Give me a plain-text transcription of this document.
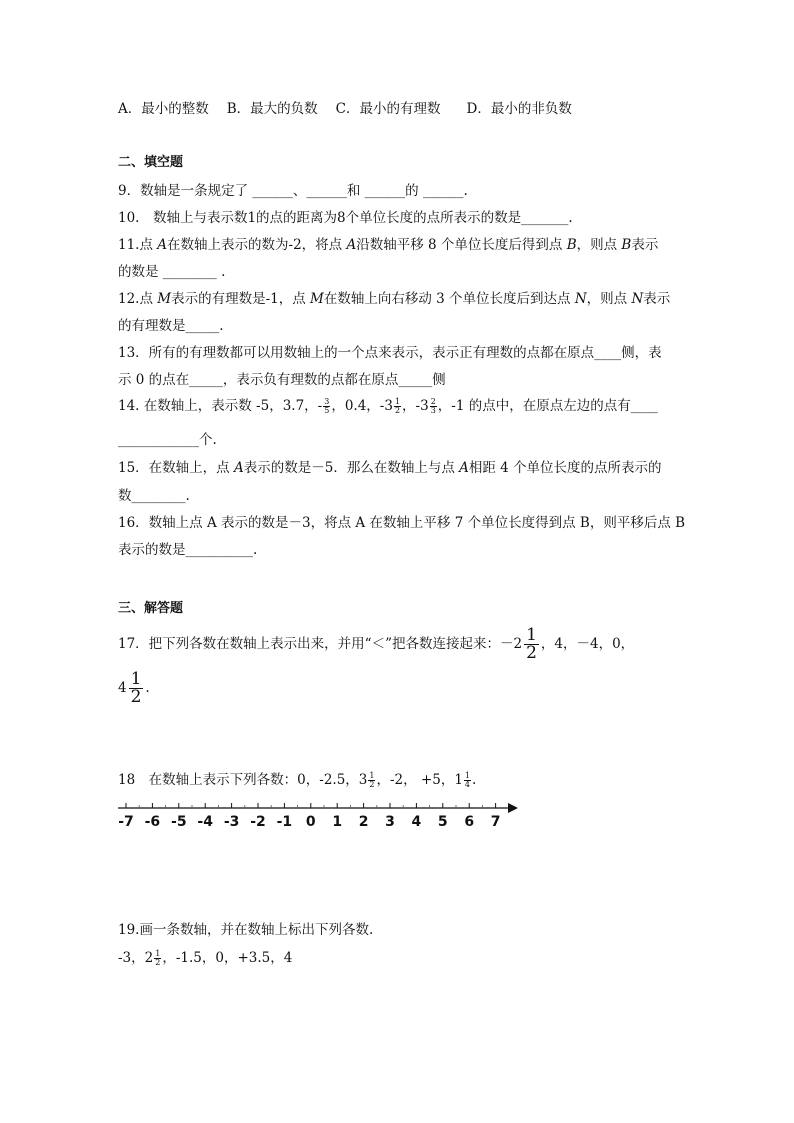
A．最小的整数 B．最大的负数 C．最小的有理数 D．最小的非负数
二、填空题
9．数轴是一条规定了 ______、______和 ______的 ______.
10.　数轴上与表示数1的点的距离为8个单位长度的点所表示的数是_______.
11.点 A在数轴上表示的数为-2，将点 A沿数轴平移 8 个单位长度后得到点 B，则点 B表示
的数是 ________ .
12.点 M表示的有理数是-1，点 M在数轴上向右移动 3 个单位长度后到达点 N，则点 N表示
的有理数是_____.
13．所有的有理数都可以用数轴上的一个点来表示，表示正有理数的点都在原点____侧，表
示 0 的点在_____，表示负有理数的点都在原点_____侧
14. 在数轴上，表示数 -5，3.7，- $\frac{3}{5}$ ，0.4，$-3 \frac{1}{2}$ ，$-3 \frac{2}{3}$ ，-1 的点中，在原点左边的点有____
____________个.
15．在数轴上，点 A表示的数是－5．那么在数轴上与点 A相距 4 个单位长度的点所表示的
数________.
16．数轴上点 A 表示的数是－3，将点 A 在数轴上平移 7 个单位长度得到点 B，则平移后点 B
表示的数是__________.
三、解答题
17．把下列各数在数轴上表示出来，并用“＜”把各数连接起来：$-2 \frac{1}{2}$ ，4，－4，0，
$4 \frac{1}{2}$ .
18　在数轴上表示下列各数：0，-2.5，$3 \frac{1}{2}$ ，-2， +5，$1 \frac{1}{4}$ .
-7 -6 -5 -4 -3 -2 -1 0 1 2 3 4 5 6 7
19.画一条数轴，并在数轴上标出下列各数.
-3，$2 \frac{1}{2}$ ，-1.5，0，+3.5，4
